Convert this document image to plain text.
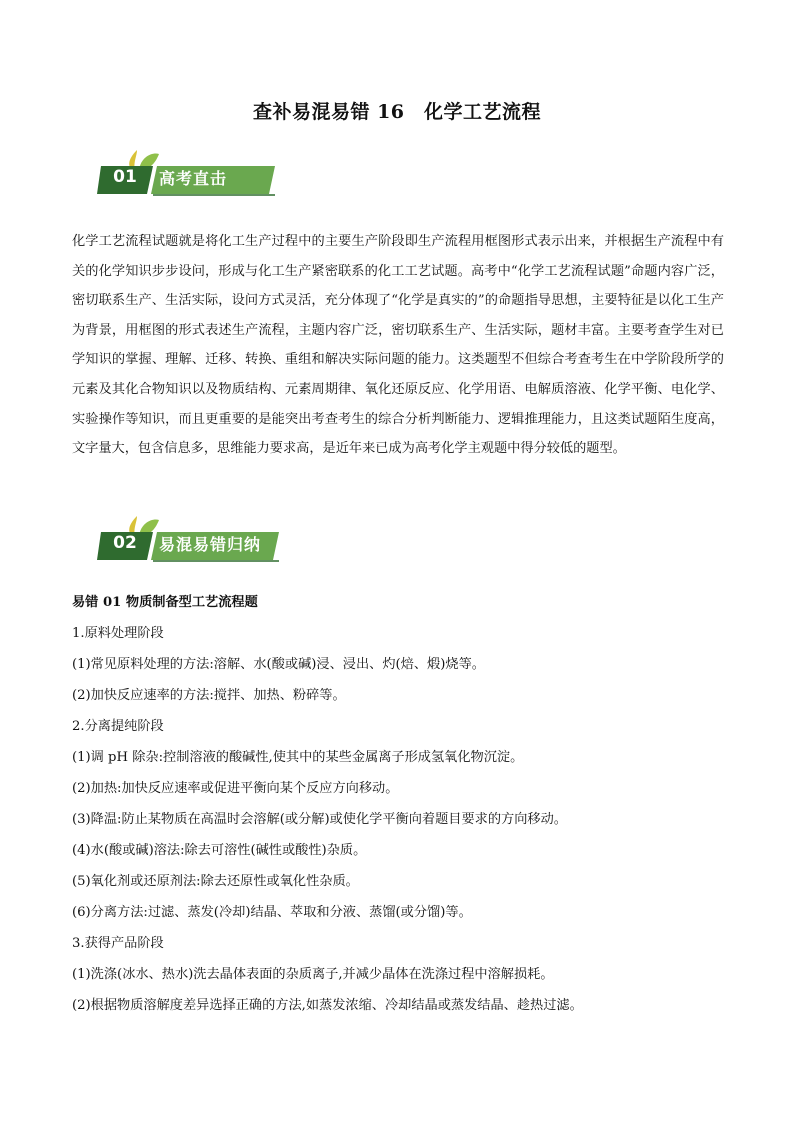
查补易混易错 16　化学工艺流程
01	高考直击
化学工艺流程试题就是将化工生产过程中的主要生产阶段即生产流程用框图形式表示出来，并根据生产流程中有关的化学知识步步设问，形成与化工生产紧密联系的化工工艺试题。高考中“化学工艺流程试题”命题内容广泛，密切联系生产、生活实际，设问方式灵活，充分体现了“化学是真实的”的命题指导思想，主要特征是以化工生产为背景，用框图的形式表述生产流程，主题内容广泛，密切联系生产、生活实际，题材丰富。主要考查学生对已学知识的掌握、理解、迁移、转换、重组和解决实际问题的能力。这类题型不但综合考查考生在中学阶段所学的元素及其化合物知识以及物质结构、元素周期律、氧化还原反应、化学用语、电解质溶液、化学平衡、电化学、实验操作等知识，而且更重要的是能突出考查考生的综合分析判断能力、逻辑推理能力，且这类试题陌生度高，文字量大，包含信息多，思维能力要求高，是近年来已成为高考化学主观题中得分较低的题型。
02	易混易错归纳
易错 01 物质制备型工艺流程题
1.原料处理阶段
(1)常见原料处理的方法:溶解、水(酸或碱)浸、浸出、灼(焙、煅)烧等。
(2)加快反应速率的方法:搅拌、加热、粉碎等。
2.分离提纯阶段
(1)调 pH 除杂:控制溶液的酸碱性,使其中的某些金属离子形成氢氧化物沉淀。
(2)加热:加快反应速率或促进平衡向某个反应方向移动。
(3)降温:防止某物质在高温时会溶解(或分解)或使化学平衡向着题目要求的方向移动。
(4)水(酸或碱)溶法:除去可溶性(碱性或酸性)杂质。
(5)氧化剂或还原剂法:除去还原性或氧化性杂质。
(6)分离方法:过滤、蒸发(冷却)结晶、萃取和分液、蒸馏(或分馏)等。
3.获得产品阶段
(1)洗涤(冰水、热水)洗去晶体表面的杂质离子,并减少晶体在洗涤过程中溶解损耗。
(2)根据物质溶解度差异选择正确的方法,如蒸发浓缩、冷却结晶或蒸发结晶、趁热过滤。
